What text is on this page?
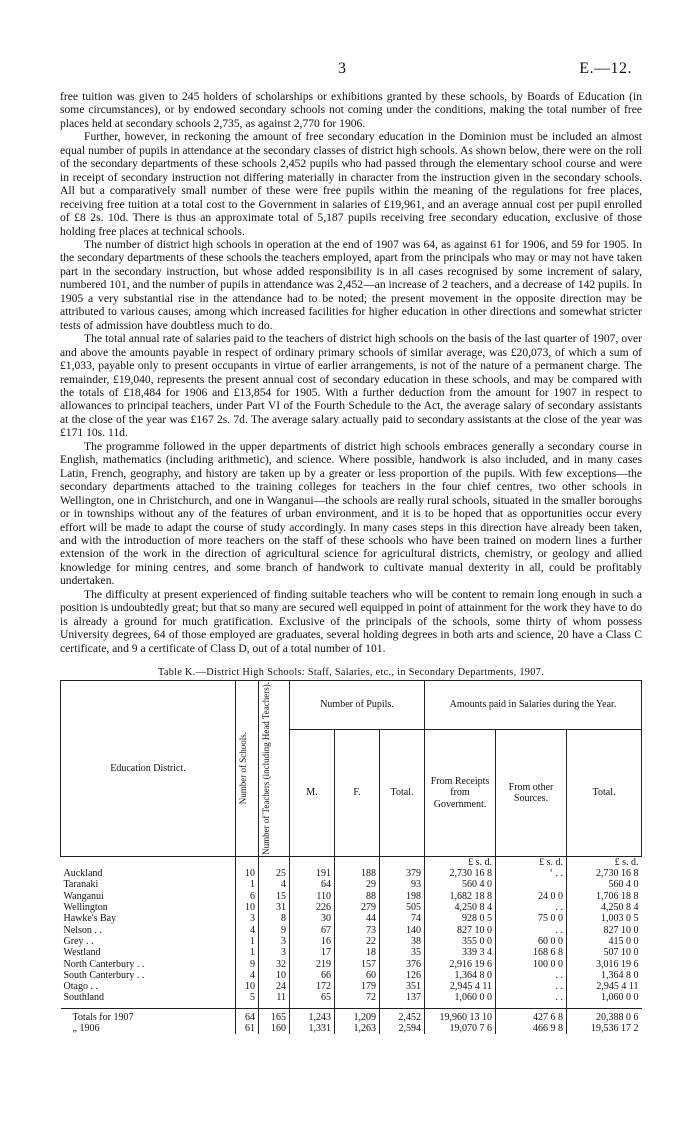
3	E.—12.

free tuition was given to 245 holders of scholarships or exhibitions granted by these schools, by Boards of Education (in some circumstances), or by endowed secondary schools not coming under the conditions, making the total number of free places held at secondary schools 2,735, as against 2,770 for 1906.

Further, however, in reckoning the amount of free secondary education in the Dominion must be included an almost equal number of pupils in attendance at the secondary classes of district high schools. As shown below, there were on the roll of the secondary departments of these schools 2,452 pupils who had passed through the elementary school course and were in receipt of secondary instruction not differing materially in character from the instruction given in the secondary schools. All but a comparatively small number of these were free pupils within the meaning of the regulations for free places, receiving free tuition at a total cost to the Government in salaries of £19,961, and an average annual cost per pupil enrolled of £8 2s. 10d. There is thus an approximate total of 5,187 pupils receiving free secondary education, exclusive of those holding free places at technical schools.

The number of district high schools in operation at the end of 1907 was 64, as against 61 for 1906, and 59 for 1905. In the secondary departments of these schools the teachers employed, apart from the principals who may or may not have taken part in the secondary instruction, but whose added responsibility is in all cases recognised by some increment of salary, numbered 101, and the number of pupils in attendance was 2,452—an increase of 2 teachers, and a decrease of 142 pupils. In 1905 a very substantial rise in the attendance had to be noted; the present movement in the opposite direction may be attributed to various causes, among which increased facilities for higher education in other directions and somewhat stricter tests of admission have doubtless much to do.

The total annual rate of salaries paid to the teachers of district high schools on the basis of the last quarter of 1907, over and above the amounts payable in respect of ordinary primary schools of similar average, was £20,073, of which a sum of £1,033, payable only to present occupants in virtue of earlier arrangements, is not of the nature of a permanent charge. The remainder, £19,040, represents the present annual cost of secondary education in these schools, and may be compared with the totals of £18,484 for 1906 and £13,854 for 1905. With a further deduction from the amount for 1907 in respect to allowances to principal teachers, under Part VI of the Fourth Schedule to the Act, the average salary of secondary assistants at the close of the year was £167 2s. 7d. The average salary actually paid to secondary assistants at the close of the year was £171 10s. 11d.

The programme followed in the upper departments of district high schools embraces generally a secondary course in English, mathematics (including arithmetic), and science. Where possible, handwork is also included, and in many cases Latin, French, geography, and history are taken up by a greater or less proportion of the pupils. With few exceptions—the secondary departments attached to the training colleges for teachers in the four chief centres, two other schools in Wellington, one in Christchurch, and one in Wanganui—the schools are really rural schools, situated in the smaller boroughs or in townships without any of the features of urban environment, and it is to be hoped that as opportunities occur every effort will be made to adapt the course of study accordingly. In many cases steps in this direction have already been taken, and with the introduction of more teachers on the staff of these schools who have been trained on modern lines a further extension of the work in the direction of agricultural science for agricultural districts, chemistry, or geology and allied knowledge for mining centres, and some branch of handwork to cultivate manual dexterity in all, could be profitably undertaken.

The difficulty at present experienced of finding suitable teachers who will be content to remain long enough in such a position is undoubtedly great; but that so many are secured well equipped in point of attainment for the work they have to do is already a ground for much gratification. Exclusive of the principals of the schools, some thirty of whom possess University degrees, 64 of those employed are graduates, several holding degrees in both arts and science, 20 have a Class C certificate, and 9 a certificate of Class D, out of a total number of 101.

Table K.—District High Schools: Staff, Salaries, etc., in Secondary Departments, 1907.
Education District.	Number of Schools.	Number of Teachers (including Head Teachers).	Number of Pupils.			Amounts paid in Salaries during the Year.		
			M.	F.	Total.	From Receipts from Government.	From other Sources.	Total.
						£ s. d.	£ s. d.	£ s. d.
Auckland	10	25	191	188	379	2,730 16 8	‘ . .	2,730 16 8
Taranaki	1	4	64	29	93	560 4 0		560 4 0
Wanganui	6	15	110	88	198	1,682 18 8	24 0 0	1,706 18 8
Wellington	10	31	226	279	505	4,250 8 4	. .	4,250 8 4
Hawke's Bay	3	8	30	44	74	928 0 5	75 0 0	1,003 0 5
Nelson . .	4	9	67	73	140	827 10 0	. .	827 10 0
Grey . .	1	3	16	22	38	355 0 0	60 0 0	415 0 0
Westland	1	3	17	18	35	339 3 4	168 6 8	507 10 0
North Canterbury . .	9	32	219	157	376	2,916 19 6	100 0 0	3,016 19 6
South Canterbury . .	4	10	66	60	126	1,364 8 0	. .	1,364 8 0
Otago . .	10	24	172	179	351	2,945 4 11	. .	2,945 4 11
Southland	5	11	65	72	137	1,060 0 0	. .	1,060 0 0
Totals for 1907	64	165	1,243	1,209	2,452	19,960 13 10	427 6 8	20,388 0 6
„ 1906	61	160	1,331	1,263	2,594	19,070 7 6	466 9 8	19,536 17 2
